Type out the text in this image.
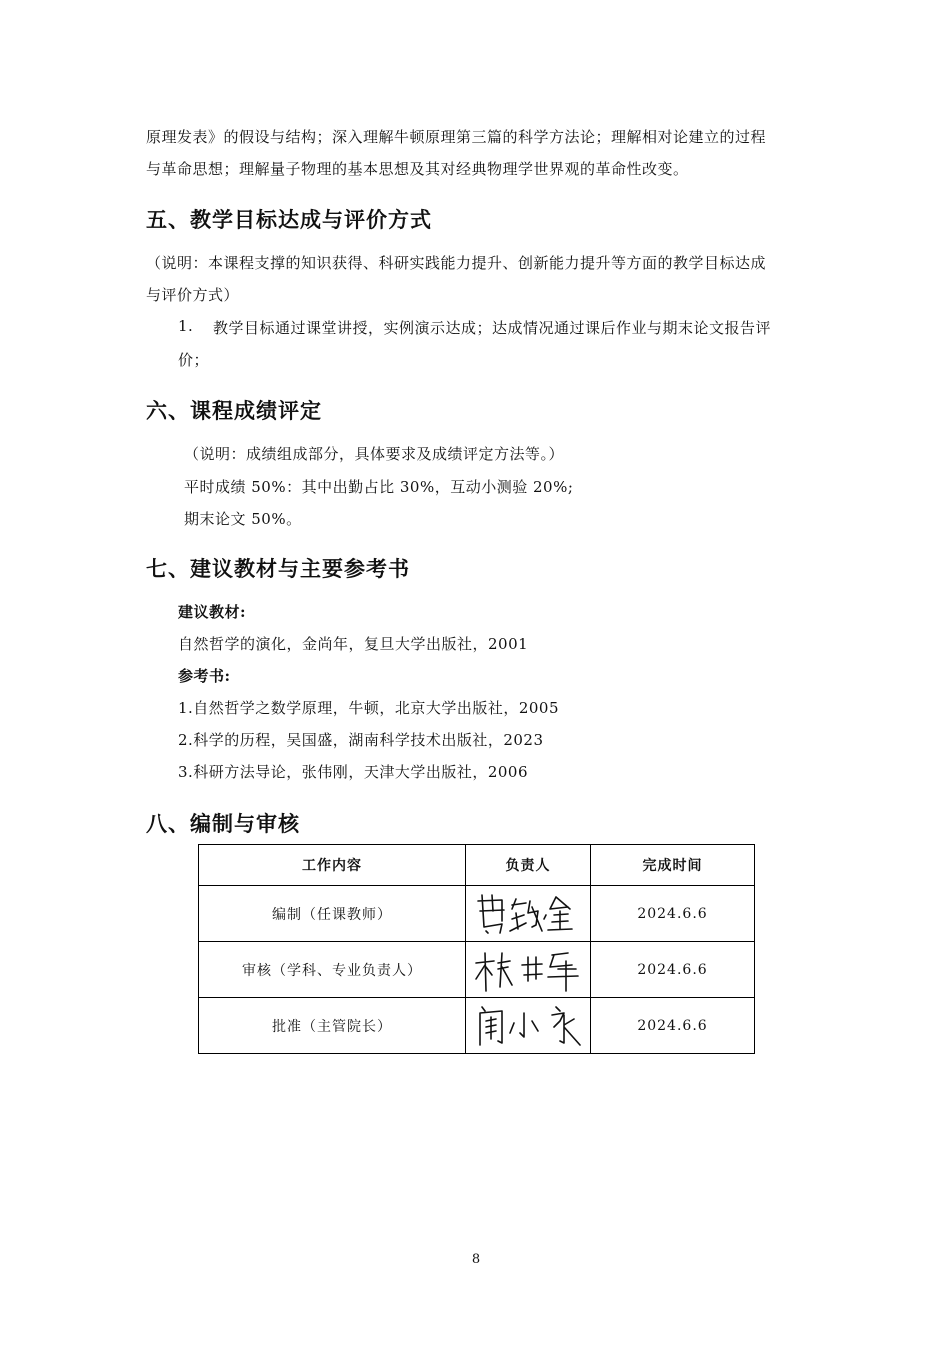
原理发表》的假设与结构；深入理解牛顿原理第三篇的科学方法论；理解相对论建立的过程
与革命思想；理解量子物理的基本思想及其对经典物理学世界观的革命性改变。
五、教学目标达成与评价方式
（说明：本课程支撑的知识获得、科研实践能力提升、创新能力提升等方面的教学目标达成
与评价方式）
1. 教学目标通过课堂讲授，实例演示达成；达成情况通过课后作业与期末论文报告评
价；
六、课程成绩评定
（说明：成绩组成部分，具体要求及成绩评定方法等。）
平时成绩 50%：其中出勤占比 30%，互动小测验 20%;
期末论文 50%。
七、建议教材与主要参考书
建议教材:
自然哲学的演化，金尚年，复旦大学出版社，2001
参考书:
1.自然哲学之数学原理，牛顿，北京大学出版社，2005
2.科学的历程，吴国盛，湖南科学技术出版社，2023
3.科研方法导论，张伟刚，天津大学出版社，2006
八、编制与审核
工作内容	负责人	完成时间
编制（任课教师）		2024.6.6
审核（学科、专业负责人）		2024.6.6
批准（主管院长）		2024.6.6
8
